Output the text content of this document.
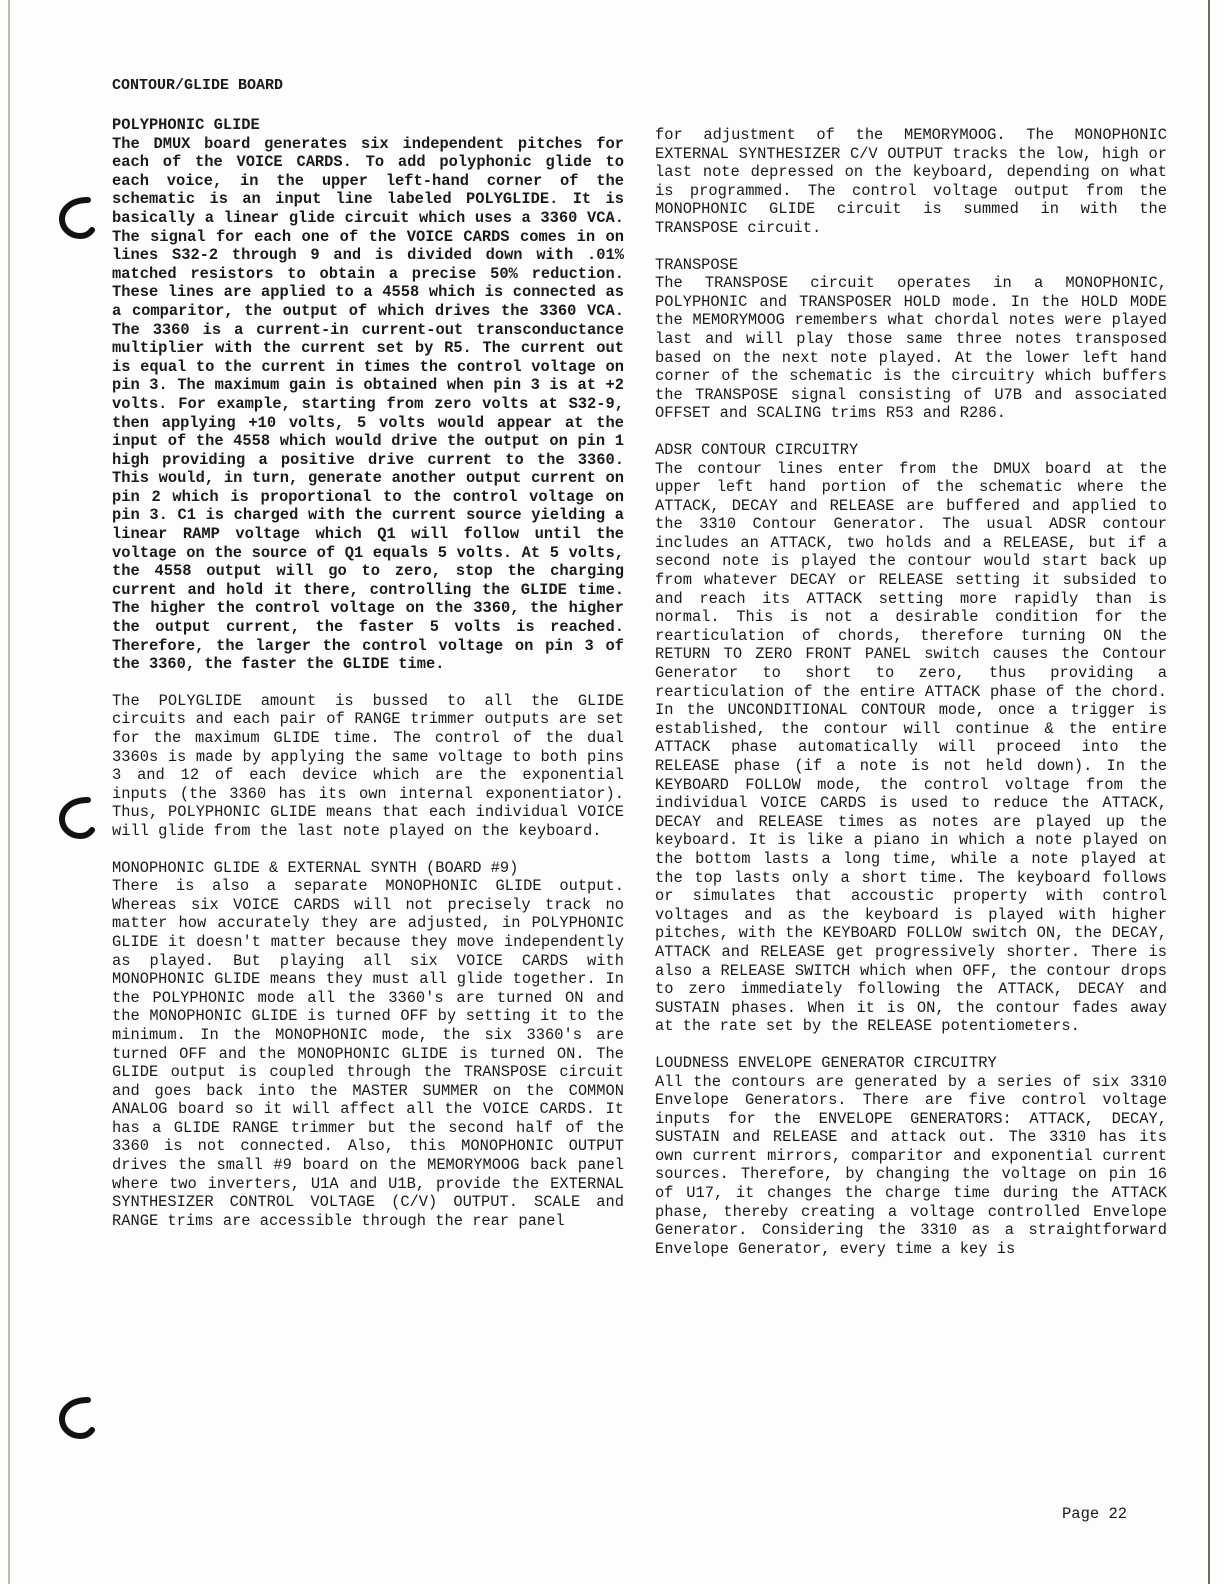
CONTOUR/GLIDE BOARD
POLYPHONIC GLIDE

The DMUX board generates six independent pitches for each of the VOICE CARDS. To add polyphonic glide to each voice, in the upper left-hand corner of the schematic is an input line labeled POLYGLIDE. It is basically a linear glide circuit which uses a 3360 VCA. The signal for each one of the VOICE CARDS comes in on lines S32-2 through 9 and is divided down with .01% matched resistors to obtain a precise 50% reduction. These lines are applied to a 4558 which is connected as a comparitor, the output of which drives the 3360 VCA. The 3360 is a current-in current-out transconductance multiplier with the current set by R5. The current out is equal to the current in times the control voltage on pin 3. The maximum gain is obtained when pin 3 is at +2 volts. For example, starting from zero volts at S32-9, then applying +10 volts, 5 volts would appear at the input of the 4558 which would drive the output on pin 1 high providing a positive drive current to the 3360. This would, in turn, generate another output current on pin 2 which is proportional to the control voltage on pin 3. C1 is charged with the current source yielding a linear RAMP voltage which Q1 will follow until the voltage on the source of Q1 equals 5 volts. At 5 volts, the 4558 output will go to zero, stop the charging current and hold it there, controlling the GLIDE time. The higher the control voltage on the 3360, the higher the output current, the faster 5 volts is reached. Therefore, the larger the control voltage on pin 3 of the 3360, the faster the GLIDE time.

The POLYGLIDE amount is bussed to all the GLIDE circuits and each pair of RANGE trimmer outputs are set for the maximum GLIDE time. The control of the dual 3360s is made by applying the same voltage to both pins 3 and 12 of each device which are the exponential inputs (the 3360 has its own internal exponentiator). Thus, POLYPHONIC GLIDE means that each individual VOICE will glide from the last note played on the keyboard.

MONOPHONIC GLIDE & EXTERNAL SYNTH (BOARD #9)

There is also a separate MONOPHONIC GLIDE output. Whereas six VOICE CARDS will not precisely track no matter how accurately they are adjusted, in POLYPHONIC GLIDE it doesn't matter because they move independently as played. But playing all six VOICE CARDS with MONOPHONIC GLIDE means they must all glide together. In the POLYPHONIC mode all the 3360's are turned ON and the MONOPHONIC GLIDE is turned OFF by setting it to the minimum. In the MONOPHONIC mode, the six 3360's are turned OFF and the MONOPHONIC GLIDE is turned ON. The GLIDE output is coupled through the TRANSPOSE circuit and goes back into the MASTER SUMMER on the COMMON ANALOG board so it will affect all the VOICE CARDS. It has a GLIDE RANGE trimmer but the second half of the 3360 is not connected. Also, this MONOPHONIC OUTPUT drives the small #9 board on the MEMORYMOOG back panel where two inverters, U1A and U1B, provide the EXTERNAL SYNTHESIZER CONTROL VOLTAGE (C/V) OUTPUT. SCALE and RANGE trims are accessible through the rear panel

for adjustment of the MEMORYMOOG. The MONOPHONIC EXTERNAL SYNTHESIZER C/V OUTPUT tracks the low, high or last note depressed on the keyboard, depending on what is programmed. The control voltage output from the MONOPHONIC GLIDE circuit is summed in with the TRANSPOSE circuit.

TRANSPOSE

The TRANSPOSE circuit operates in a MONOPHONIC, POLYPHONIC and TRANSPOSER HOLD mode. In the HOLD MODE the MEMORYMOOG remembers what chordal notes were played last and will play those same three notes transposed based on the next note played. At the lower left hand corner of the schematic is the circuitry which buffers the TRANSPOSE signal consisting of U7B and associated OFFSET and SCALING trims R53 and R286.

ADSR CONTOUR CIRCUITRY

The contour lines enter from the DMUX board at the upper left hand portion of the schematic where the ATTACK, DECAY and RELEASE are buffered and applied to the 3310 Contour Generator. The usual ADSR contour includes an ATTACK, two holds and a RELEASE, but if a second note is played the contour would start back up from whatever DECAY or RELEASE setting it subsided to and reach its ATTACK setting more rapidly than is normal. This is not a desirable condition for the rearticulation of chords, therefore turning ON the RETURN TO ZERO FRONT PANEL switch causes the Contour Generator to short to zero, thus providing a rearticulation of the entire ATTACK phase of the chord. In the UNCONDITIONAL CONTOUR mode, once a trigger is established, the contour will continue & the entire ATTACK phase automatically will proceed into the RELEASE phase (if a note is not held down). In the KEYBOARD FOLLOW mode, the control voltage from the individual VOICE CARDS is used to reduce the ATTACK, DECAY and RELEASE times as notes are played up the keyboard. It is like a piano in which a note played on the bottom lasts a long time, while a note played at the top lasts only a short time. The keyboard follows or simulates that accoustic property with control voltages and as the keyboard is played with higher pitches, with the KEYBOARD FOLLOW switch ON, the DECAY, ATTACK and RELEASE get progressively shorter. There is also a RELEASE SWITCH which when OFF, the contour drops to zero immediately following the ATTACK, DECAY and SUSTAIN phases. When it is ON, the contour fades away at the rate set by the RELEASE potentiometers.

LOUDNESS ENVELOPE GENERATOR CIRCUITRY

All the contours are generated by a series of six 3310 Envelope Generators. There are five control voltage inputs for the ENVELOPE GENERATORS: ATTACK, DECAY, SUSTAIN and RELEASE and attack out. The 3310 has its own current mirrors, comparitor and exponential current sources. Therefore, by changing the voltage on pin 16 of U17, it changes the charge time during the ATTACK phase, thereby creating a voltage controlled Envelope Generator. Considering the 3310 as a straightforward Envelope Generator, every time a key is

Page 22
